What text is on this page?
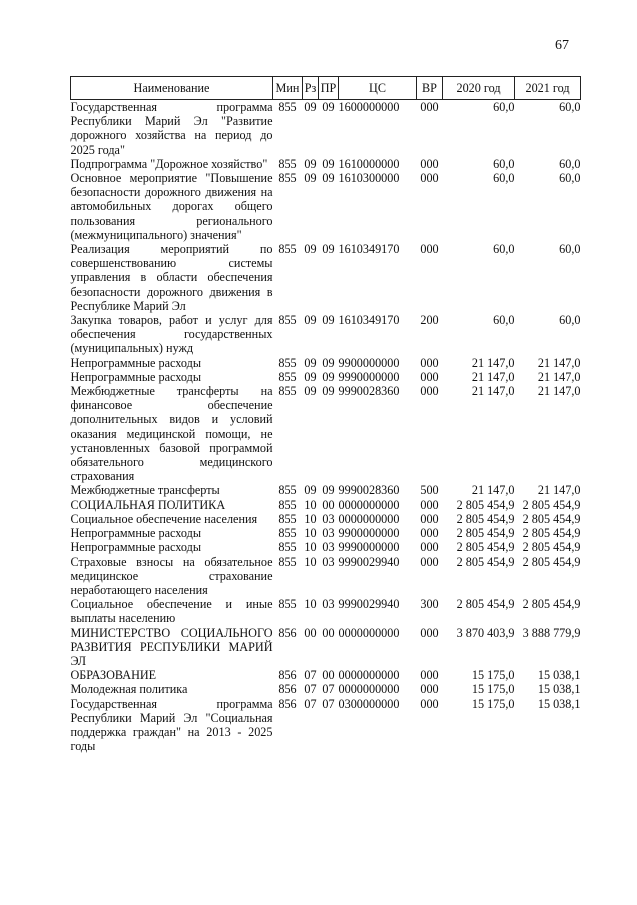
67
Наименование	Мин	Рз	ПР	ЦС	ВР	2020 год	2021 год
Государственная программа Республики Марий Эл "Развитие дорожного хозяйства на период до 2025 года"	855	09	09	1600000000	000	60,0	60,0
Подпрограмма "Дорожное хозяйство"	855	09	09	1610000000	000	60,0	60,0
Основное мероприятие "Повышение безопасности дорожного движения на автомобильных дорогах общего пользования регионального (межмуниципального) значения"	855	09	09	1610300000	000	60,0	60,0
Реализация мероприятий по совершенствованию системы управления в области обеспечения безопасности дорожного движения в Республике Марий Эл	855	09	09	1610349170	000	60,0	60,0
Закупка товаров, работ и услуг для обеспечения государственных (муниципальных) нужд	855	09	09	1610349170	200	60,0	60,0
Непрограммные расходы	855	09	09	9900000000	000	21 147,0	21 147,0
Непрограммные расходы	855	09	09	9990000000	000	21 147,0	21 147,0
Межбюджетные трансферты на финансовое обеспечение дополнительных видов и условий оказания медицинской помощи, не установленных базовой программой обязательного медицинского страхования	855	09	09	9990028360	000	21 147,0	21 147,0
Межбюджетные трансферты	855	09	09	9990028360	500	21 147,0	21 147,0
СОЦИАЛЬНАЯ ПОЛИТИКА	855	10	00	0000000000	000	2 805 454,9	2 805 454,9
Социальное обеспечение населения	855	10	03	0000000000	000	2 805 454,9	2 805 454,9
Непрограммные расходы	855	10	03	9900000000	000	2 805 454,9	2 805 454,9
Непрограммные расходы	855	10	03	9990000000	000	2 805 454,9	2 805 454,9
Страховые взносы на обязательное медицинское страхование неработающего населения	855	10	03	9990029940	000	2 805 454,9	2 805 454,9
Социальное обеспечение и иные выплаты населению	855	10	03	9990029940	300	2 805 454,9	2 805 454,9
МИНИСТЕРСТВО СОЦИАЛЬНОГО РАЗВИТИЯ РЕСПУБЛИКИ МАРИЙ ЭЛ	856	00	00	0000000000	000	3 870 403,9	3 888 779,9
ОБРАЗОВАНИЕ	856	07	00	0000000000	000	15 175,0	15 038,1
Молодежная политика	856	07	07	0000000000	000	15 175,0	15 038,1
Государственная программа Республики Марий Эл "Социальная поддержка граждан" на 2013 - 2025 годы	856	07	07	0300000000	000	15 175,0	15 038,1
